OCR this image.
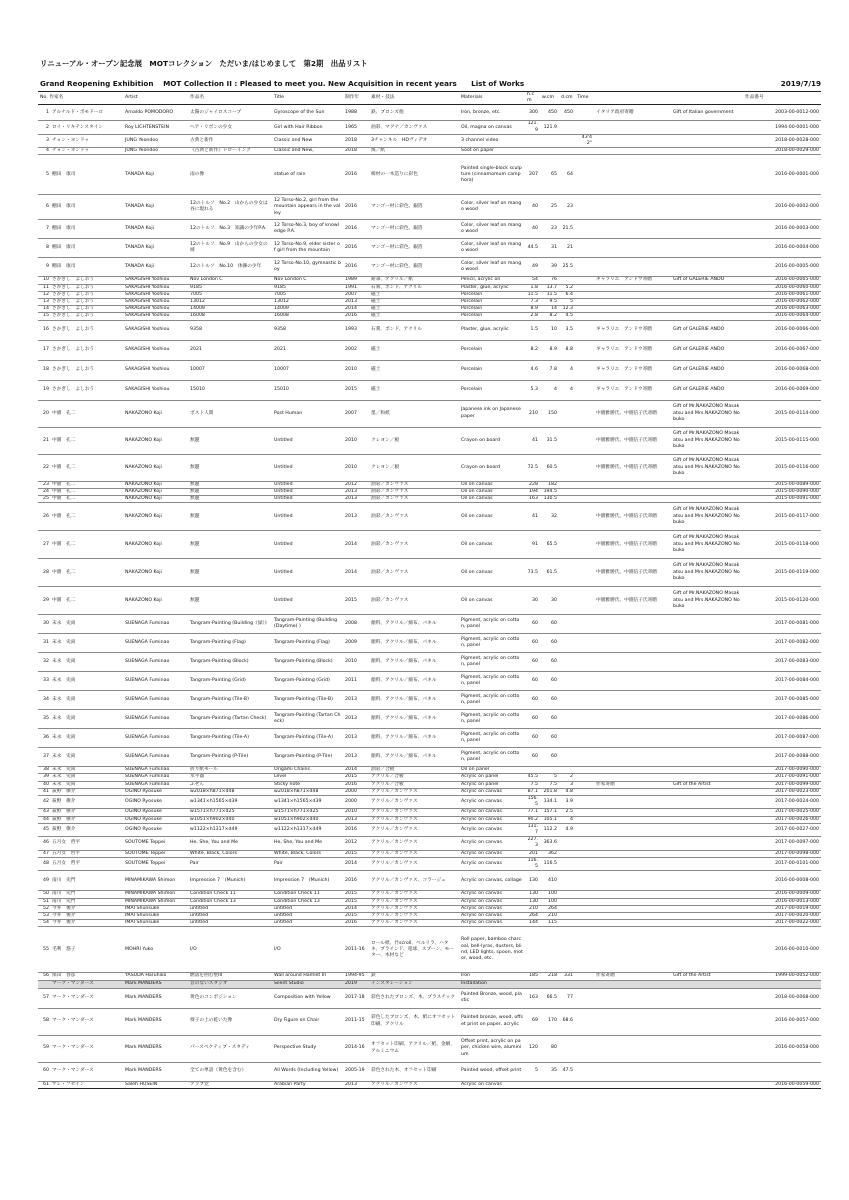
リニューアル・オープン記念展　MOTコレクション　ただいま/はじめまして　第2期　出品リスト
Grand Reopening Exhibition　 MOT Collection II : Pleased to meet you. New Acquisition in recent years　　List of Works	2019/7/19
No. 作家名	Artist	作品名	Title	制作年	素材・技法	Materials	h.cm	w.cm	d.cm	Time			作品番号
1 アルナルド・ポモドーロ	Arnaldo POMODORO	太陽のジャイロスコープ	Gyroscope of the Sun	1988	鉄、ブロンズ他	Iron, bronze, etc.	300	450	450		イタリア政府寄贈	Gift of Italian government	2003-00-0012-000
2 ロイ・リキテンスタイン	Roy LICHTENSTEIN	ヘア・リボンの少女	Girl with Hair Ribbon	1965	油彩、マグナ／カンヴァス	Oil, magna on canvas	121.9	121.9					1994-00-0001-000
3 チョン・ヨンドゥ	JUNG Yeondoo	古典と新作	Classic and New	2018	3チャンネル　HDヴィデオ	3 channel video				43'42"			2018-00-0028-000
4 チョン・ヨンドゥ	JUNG Yeondoo	《古典と新作》ドローイング	Classic and New,	2018	煤／紙	Soot on paper							2018-00-0029-000
5 棚田　康司	TANADA Koji	雨の像	statue of rain	2016	樟材の一木造りに彩色	Painted single-block sculpture (cinnamomum camphora)	207	65	64				2016-00-0001-000
6 棚田　康司	TANADA Koji	12のトルソ　No.2　山からの少女は谷に現れる	12 Torso-No.2, girl from the mountain appears in the valley	2016	マンゴー材に彩色、銀箔	Color, silver leaf on mango wood	40	25	23				2016-00-0002-000
7 棚田　康司	TANADA Koji	12のトルソ　No.3　知識の少年P.A.	12 Torso-No.3, boy of knowledge P.A.	2016	マンゴー材に彩色、銀箔	Color, silver leaf on mango wood	40	23	21.5				2016-00-0003-000
8 棚田　康司	TANADA Koji	12のトルソ　No.9　山からの少女の姉	12 Torso-No.9, elder sister of girl from the mountain	2016	マンゴー材に彩色、銀箔	Color, silver leaf on mango wood	44.5	31	21				2016-00-0004-000
9 棚田　康司	TANADA Koji	12のトルソ　No.10　体操の少年	12 Torso-No.10, gymnastic boy	2016	マンゴー材に彩色、銀箔	Color, silver leaf on mango wood	49	39	25.5				2016-00-0005-000
10 さかぎし　よしおう	SAKAGISHI Yoshiou	Nov London C	Nov London C	1989	鉛筆、アクリル／紙	Pencil, acrylic on	54	76			ギャラリエ　アンドウ寄贈	Gift of GALERIE ANDO	2016-00-0065-000
11 さかぎし　よしおう	SAKAGISHI Yoshiou	9185	9185	1991	石膏、ボンド、アクリル	Plaster, glue, acrylic	1.8	13.7	5.2				2016-00-0060-000
12 さかぎし　よしおう	SAKAGISHI Yoshiou	7005	7005	2007	磁土	Porcelain	11.5	11.5	6.4				2016-00-0061-000
13 さかぎし　よしおう	SAKAGISHI Yoshiou	13012	13012	2013	磁土	Porcelain	7.3	9.5	5				2016-00-0062-000
14 さかぎし　よしおう	SAKAGISHI Yoshiou	14009	14009	2014	磁土	Porcelain	8.9	14	12.3				2016-00-0063-000
15 さかぎし　よしおう	SAKAGISHI Yoshiou	16008	16008	2016	磁土	Porcelain	2.8	8.2	4.5				2016-00-0064-000
16 さかぎし　よしおう	SAKAGISHI Yoshiou	9358	9358	1993	石膏、ボンド、アクリル	Plaster, glue, acrylic	1.5	10	3.5		ギャラリエ　アンドウ寄贈	Gift of GALERIE ANDO	2016-00-0066-000
17 さかぎし　よしおう	SAKAGISHI Yoshiou	2021	2021	2002	磁土	Porcelain	8.2	8.9	8.8		ギャラリエ　アンドウ寄贈	Gift of GALERIE ANDO	2016-00-0067-000
18 さかぎし　よしおう	SAKAGISHI Yoshiou	10007	10007	2010	磁土	Porcelain	4.6	7.8	4		ギャラリエ　アンドウ寄贈	Gift of GALERIE ANDO	2016-00-0068-000
19 さかぎし　よしおう	SAKAGISHI Yoshiou	15010	15010	2015	磁土	Porcelain	5.3	4	4		ギャラリエ　アンドウ寄贈	Gift of GALERIE ANDO	2016-00-0069-000
20 中園　孔二	NAKAZONO Koji	ポスト人間	Post Human	2007	墨／和紙	Japanese ink on Japanese paper	210	150			中園雅勝氏、中園信子氏寄贈	Gift of Mr.NAKAZONO Masakatsu and Mrs.NAKAZONO Nobuko	2015-00-0114-000
21 中園　孔二	NAKAZONO Koji	無題	Untitled	2010	クレヨン／板	Crayon on board	41	31.5			中園雅勝氏、中園信子氏寄贈	Gift of Mr.NAKAZONO Masakatsu and Mrs.NAKAZONO Nobuko	2015-00-0115-000
22 中園　孔二	NAKAZONO Koji	無題	Untitled	2010	クレヨン／板	Crayon on board	72.5	60.5			中園雅勝氏、中園信子氏寄贈	Gift of Mr.NAKAZONO Masakatsu and Mrs.NAKAZONO Nobuko	2015-00-0116-000
23 中園　孔二	NAKAZONO Koji	無題	Untitled	2012	油彩／カンヴァス	Oil on canvas	228	182					2015-00-0089-000
24 中園　孔二	NAKAZONO Koji	無題	Untitled	2013	油彩／カンヴァス	Oil on canvas	194	194.5					2015-00-0090-000
25 中園　孔二	NAKAZONO Koji	無題	Untitled	2013	油彩／カンヴァス	Oil on canvas	163	130.5					2015-00-0091-000
26 中園　孔二	NAKAZONO Koji	無題	Untitled	2013	油彩／カンヴァス	Oil on canvas	41	32			中園雅勝氏、中園信子氏寄贈	Gift of Mr.NAKAZONO Masakatsu and Mrs.NAKAZONO Nobuko	2015-00-0117-000
27 中園　孔二	NAKAZONO Koji	無題	Untitled	2014	油彩／カンヴァス	Oil on canvas	91	65.5			中園雅勝氏、中園信子氏寄贈	Gift of Mr.NAKAZONO Masakatsu and Mrs.NAKAZONO Nobuko	2015-00-0118-000
28 中園　孔二	NAKAZONO Koji	無題	Untitled	2014	油彩／カンヴァス	Oil on canvas	73.5	61.5			中園雅勝氏、中園信子氏寄贈	Gift of Mr.NAKAZONO Masakatsu and Mrs.NAKAZONO Nobuko	2015-00-0119-000
29 中園　孔二	NAKAZONO Koji	無題	Untitled	2015	油彩／カンヴァス	Oil on canvas	30	30			中園雅勝氏、中園信子氏寄贈	Gift of Mr.NAKAZONO Masakatsu and Mrs.NAKAZONO Nobuko	2015-00-0120-000
30 末永　史尚	SUENAGA Fuminao	Tangram-Painting (Building（緑）)	Tangram-Painting (Building (Daytime) )	2008	顔料、アクリル／綿布、パネル	Pigment, acrylic on cotton, panel	60	60					2017-00-0081-000
31 末永　史尚	SUENAGA Fuminao	Tangram-Painting (Flag)	Tangram-Painting (Flag)	2009	顔料、アクリル／綿布、パネル	Pigment, acrylic on cotton, panel	60	60					2017-00-0082-000
32 末永　史尚	SUENAGA Fuminao	Tangram-Painting (Block)	Tangram-Painting (Block)	2010	顔料、アクリル／綿布、パネル	Pigment, acrylic on cotton, panel	60	60					2017-00-0083-000
33 末永　史尚	SUENAGA Fuminao	Tangram-Painting (Grid)	Tangram-Painting (Grid)	2011	顔料、アクリル／綿布、パネル	Pigment, acrylic on cotton, panel	60	60					2017-00-0084-000
34 末永　史尚	SUENAGA Fuminao	Tangram-Painting (Tile-B)	Tangram-Painting (Tile-B)	2013	顔料、アクリル／綿布、パネル	Pigment, acrylic on cotton, panel	60	60					2017-00-0085-000
35 末永　史尚	SUENAGA Fuminao	Tangram-Painting (Tartan Check)	Tangram-Painting (Tartan Check)	2013	顔料、アクリル／綿布、パネル	Pigment, acrylic on cotton, panel	60	60					2017-00-0086-000
36 末永　史尚	SUENAGA Fuminao	Tangram-Painting (Tile-A)	Tangram-Painting (Tile-A)	2013	顔料、アクリル／綿布、パネル	Pigment, acrylic on cotton, panel	60	60					2017-00-0087-000
37 末永　史尚	SUENAGA Fuminao	Tangram-Painting (P-Tile)	Tangram-Painting (P-Tile)	2013	顔料、アクリル／綿布、パネル	Pigment, acrylic on cotton, panel	60	60					2017-00-0088-000
38 末永　史尚	SUENAGA Fuminao	折り紙モール	Origami Chains	2014	油彩／合板	Oil on panel							2017-00-0090-000
39 末永　史尚	SUENAGA Fuminao	水平器	Level	2015	アクリル／合板	Acrylic on panel	45.5	5	2				2017-00-0091-000
40 末永　史尚	SUENAGA Fuminao	ふせん	Sticky note	2016	アクリル／合板	Acrylic on panel	7.5	7.5	3		作家寄贈	Gift of the Artist	2017-00-0099-000
41 荻野　僚介	OGINO Ryosuke	w2018×h871×d48	w2018×h871×d48	2000	アクリル／カンヴァス	Acrylic on canvas	87.1	201.8	4.8				2017-00-0023-000
42 荻野　僚介	OGINO Ryosuke	w1341×h1565×d39	w1341×h1565×d39	2000	アクリル／カンヴァス	Acrylic on canvas	156.5	134.1	3.9				2017-00-0024-000
43 荻野　僚介	OGINO Ryosuke	w1571×h771×d25	w1571×h771×d25	2010	アクリル／カンヴァス	Acrylic on canvas	77.1	157.1	2.5				2017-00-0025-000
44 荻野　僚介	OGINO Ryosuke	w1051×h902×d40	w1051×h902×d40	2013	アクリル／カンヴァス	Acrylic on canvas	90.2	105.1	4				2017-00-0026-000
45 荻野　僚介	OGINO Ryosuke	w1122×h1317×d49	w1122×h1317×d49	2016	アクリル／カンヴァス	Acrylic on canvas	131.7	112.2	4.9				2017-00-0027-000
46 五月女　哲平	SOUTOME Teppei	He, She, You and Me	He, She, You and Me	2012	アクリル／カンヴァス	Acrylic on canvas	227.3	363.6					2017-00-0097-000
47 五月女　哲平	SOUTOME Teppei	White, Black, Colors	White, Black, Colors	2015	アクリル／カンヴァス	Acrylic on canvas	201	362					2017-00-0098-000
48 五月女　哲平	SOUTOME Teppei	Pair	Pair	2014	アクリル／カンヴァス	Acrylic on canvas	116.5	116.5					2017-00-0101-000
49 南川　史門	MINAMIKAWA Shimon	Impression 7　(Munich)	Impression 7　(Munich)	2016	アクリル／カンヴァス、コラージュ	Acrylic on canvas, collage	130	410					2016-00-0008-000
50 南川　史門	MINAMIKAWA Shimon	Condition Check 11	Condition Check 11	2015	アクリル／カンヴァス	Acrylic on canvas	130	100					2016-00-0009-000
51 南川　史門	MINAMIKAWA Shimon	Condition Check 13	Condition Check 13	2015	アクリル／カンヴァス	Acrylic on canvas	130	100					2016-00-0013-000
52 今井　俊介	IMAI Shunsuke	untitled	untitled	2014	アクリル／カンヴァス	Acrylic on canvas	210	264					2017-00-0019-000
53 今井　俊介	IMAI Shunsuke	untitled	untitled	2015	アクリル／カンヴァス	Acrylic on canvas	264	210					2017-00-0020-000
54 今井　俊介	IMAI Shunsuke	untitled	untitled	2016	アクリル／カンヴァス	Acrylic on canvas	144	115					2017-00-0022-000
55 毛利　悠子	MOHRI Yuko	I/O	I/O	2011-16	ロール紙、竹scroll、ベルリラ、ハタキ、ブラインド、電球、スプーン、モーター、木材など	Roll paper, bamboo charcoal, bell-lyras, dusters, blind, LED lights, spoon, motor, wood, etc.							2016-00-0010-000
56 保田　春彦	YASUDA Haruhiko	燃落を囲む壁III	Wall around Hamlet III	1994-95	鉄	Iron	185	218	331		作家寄贈	Gift of the Artist	1999-00-0052-000
マーク・マンダース	Mark MANDERS	音のないスタジオ	Silent Studio	2019	インスタレーション	Installation							
57 マーク・マンダース	Mark MANDERS	黄色のコンポジション	Composition with Yellow	2017-18	彩色されたブロンズ、木、プラスチック	Painted Bronze, wood, plastic	163	66.5	77				2018-00-0068-000
58 マーク・マンダース	Mark MANDERS	椅子の上の乾いた像	Dry Figure on Chair	2011-15	彩色したブロンズ、木、紙にオフセット印刷、アクリル	Painted bronze, wood, offset print on paper, acrylic	69	170	68.6				2016-00-0057-000
59 マーク・マンダース	Mark MANDERS	パースペクティブ・スタディ	Perspective Study	2014-16	オフセット印刷、アクリル／紙、金網、アルミニウム	Offset print, acrylic on paper, chicken wire, aluminium	120	80					2016-00-0058-000
60 マーク・マンダース	Mark MANDERS	全ての単語（黄色を含む）	All Words (Including Yellow)	2005-19	彩色された木、オフセット印刷	Painted wood, offset print	5	35	47.5				
61 サレ・フセイン	Saleh HUSEIN	アラブ党	Arabian Party	2013	アクリル／カンヴァス	Acrylic on canvas							2016-00-0059-000
